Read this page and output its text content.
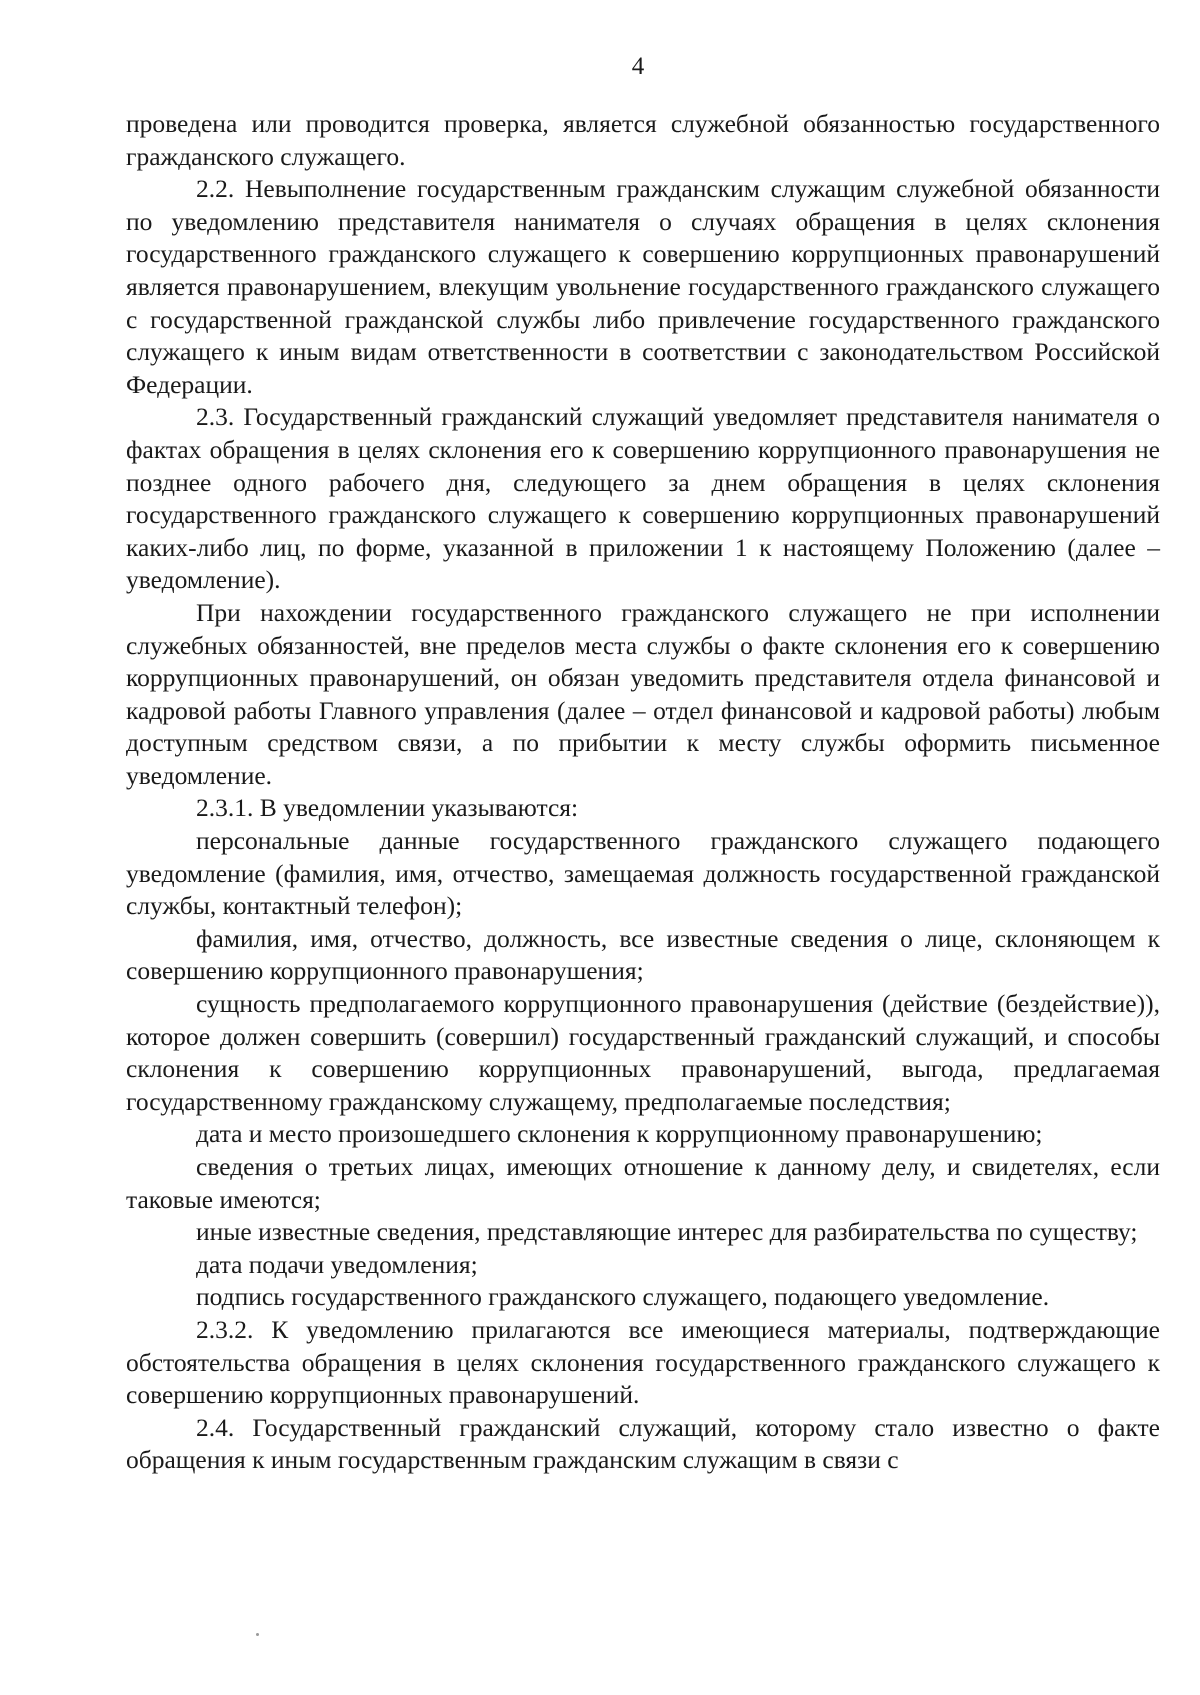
4

проведена или проводится проверка, является служебной обязанностью государственного гражданского служащего.

2.2. Невыполнение государственным гражданским служащим служебной обязанности по уведомлению представителя нанимателя о случаях обращения в целях склонения государственного гражданского служащего к совершению коррупционных правонарушений является правонарушением, влекущим увольнение государственного гражданского служащего с государственной гражданской службы либо привлечение государственного гражданского служащего к иным видам ответственности в соответствии с законодательством Российской Федерации.

2.3. Государственный гражданский служащий уведомляет представителя нанимателя о фактах обращения в целях склонения его к совершению коррупционного правонарушения не позднее одного рабочего дня, следующего за днем обращения в целях склонения государственного гражданского служащего к совершению коррупционных правонарушений каких-либо лиц, по форме, указанной в приложении 1 к настоящему Положению (далее – уведомление).

При нахождении государственного гражданского служащего не при исполнении служебных обязанностей, вне пределов места службы о факте склонения его к совершению коррупционных правонарушений, он обязан уведомить представителя отдела финансовой и кадровой работы Главного управления (далее – отдел финансовой и кадровой работы) любым доступным средством связи, а по прибытии к месту службы оформить письменное уведомление.

2.3.1. В уведомлении указываются:

персональные данные государственного гражданского служащего подающего уведомление (фамилия, имя, отчество, замещаемая должность государственной гражданской службы, контактный телефон);

фамилия, имя, отчество, должность, все известные сведения о лице, склоняющем к совершению коррупционного правонарушения;

сущность предполагаемого коррупционного правонарушения (действие (бездействие)), которое должен совершить (совершил) государственный гражданский служащий, и способы склонения к совершению коррупционных правонарушений, выгода, предлагаемая государственному гражданскому служащему, предполагаемые последствия;

дата и место произошедшего склонения к коррупционному правонарушению;

сведения о третьих лицах, имеющих отношение к данному делу, и свидетелях, если таковые имеются;

иные известные сведения, представляющие интерес для разбирательства по существу;

дата подачи уведомления;

подпись государственного гражданского служащего, подающего уведомление.

2.3.2. К уведомлению прилагаются все имеющиеся материалы, подтверждающие обстоятельства обращения в целях склонения государственного гражданского служащего к совершению коррупционных правонарушений.

2.4. Государственный гражданский служащий, которому стало известно о факте обращения к иным государственным гражданским служащим в связи с
